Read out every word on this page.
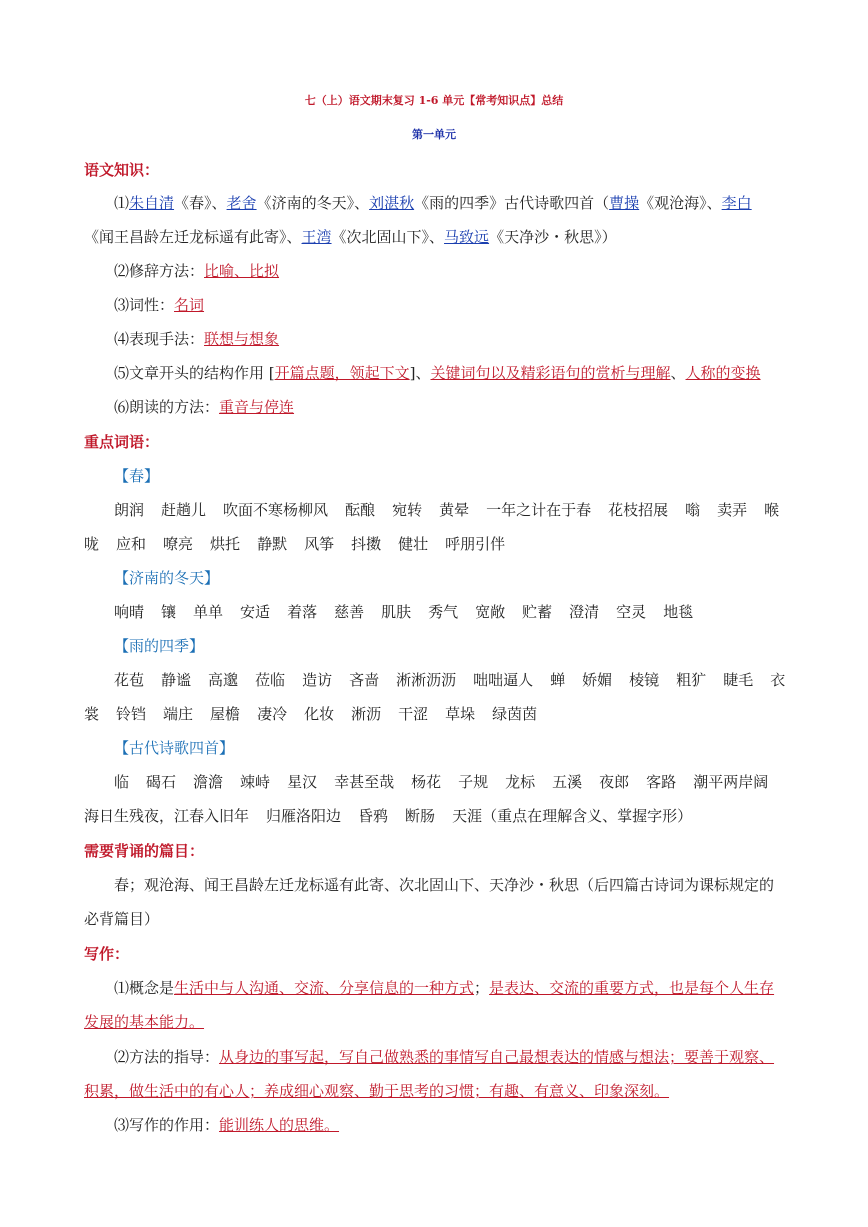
七（上）语文期末复习 1-6 单元【常考知识点】总结
第一单元
语文知识：
⑴朱自清《春》、老舍《济南的冬天》、刘湛秋《雨的四季》古代诗歌四首（曹操《观沧海》、李白
《闻王昌龄左迁龙标遥有此寄》、王湾《次北固山下》、马致远《天净沙・秋思》）
⑵修辞方法：比喻、比拟
⑶词性：名词
⑷表现手法：联想与想象
⑸文章开头的结构作用 [开篇点题，领起下文]、关键词句以及精彩语句的赏析与理解、人称的变换
⑹朗读的方法：重音与停连
重点词语：
【春】
朗润 赶趟儿 吹面不寒杨柳风 酝酿 宛转 黄晕 一年之计在于春 花枝招展 嗡 卖弄 喉
咙 应和 嘹亮 烘托 静默 风筝 抖擞 健壮 呼朋引伴
【济南的冬天】
响晴 镶 单单 安适 着落 慈善 肌肤 秀气 宽敞 贮蓄 澄清 空灵 地毯
【雨的四季】
花苞 静谧 高邈 莅临 造访 吝啬 淅淅沥沥 咄咄逼人 蝉 娇媚 棱镜 粗犷 睫毛 衣
裳 铃铛 端庄 屋檐 凄冷 化妆 淅沥 干涩 草垛 绿茵茵
【古代诗歌四首】
临 碣石 澹澹 竦峙 星汉 幸甚至哉 杨花 子规 龙标 五溪 夜郎 客路 潮平两岸阔
海日生残夜，江春入旧年 归雁洛阳边 昏鸦 断肠 天涯（重点在理解含义、掌握字形）
需要背诵的篇目：
春；观沧海、闻王昌龄左迁龙标遥有此寄、次北固山下、天净沙・秋思（后四篇古诗词为课标规定的
必背篇目）
写作：
⑴概念是生活中与人沟通、交流、分享信息的一种方式；是表达、交流的重要方式，也是每个人生存
发展的基本能力。
⑵方法的指导：从身边的事写起，写自己做熟悉的事情写自己最想表达的情感与想法；要善于观察、
积累，做生活中的有心人；养成细心观察、勤于思考的习惯；有趣、有意义、印象深刻。
⑶写作的作用：能训练人的思维。
